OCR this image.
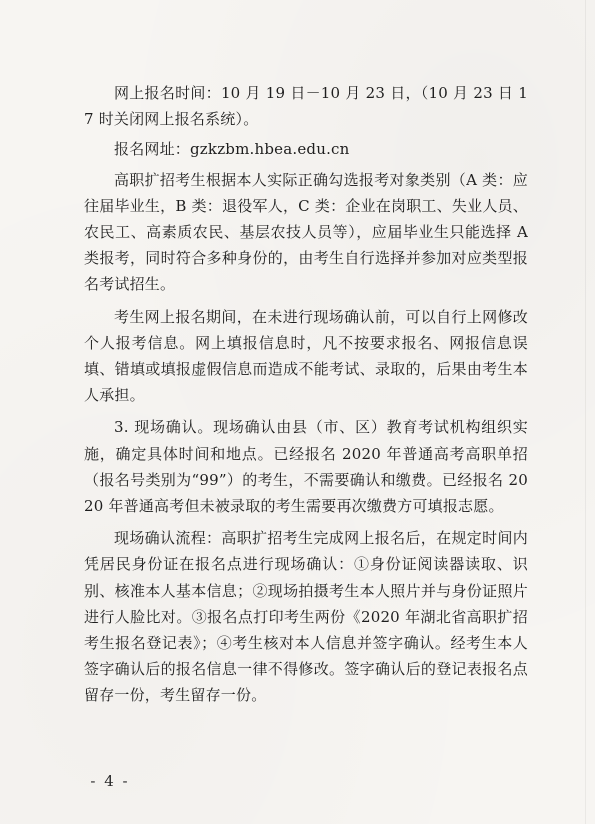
网上报名时间：10 月 19 日－10 月 23 日，（10 月 23 日 17 时关闭网上报名系统）。

报名网址：gzkzbm.hbea.edu.cn

高职扩招考生根据本人实际正确勾选报考对象类别（A 类：应往届毕业生，B 类：退役军人，C 类：企业在岗职工、失业人员、农民工、高素质农民、基层农技人员等），应届毕业生只能选择 A 类报考，同时符合多种身份的，由考生自行选择并参加对应类型报名考试招生。

考生网上报名期间，在未进行现场确认前，可以自行上网修改个人报考信息。网上填报信息时，凡不按要求报名、网报信息误填、错填或填报虚假信息而造成不能考试、录取的，后果由考生本人承担。

3. 现场确认。现场确认由县（市、区）教育考试机构组织实施，确定具体时间和地点。已经报名 2020 年普通高考高职单招（报名号类别为“99”）的考生，不需要确认和缴费。已经报名 2020 年普通高考但未被录取的考生需要再次缴费方可填报志愿。

现场确认流程：高职扩招考生完成网上报名后，在规定时间内凭居民身份证在报名点进行现场确认：①身份证阅读器读取、识别、核准本人基本信息；②现场拍摄考生本人照片并与身份证照片进行人脸比对。③报名点打印考生两份《2020 年湖北省高职扩招考生报名登记表》；④考生核对本人信息并签字确认。经考生本人签字确认后的报名信息一律不得修改。签字确认后的登记表报名点留存一份，考生留存一份。

- 4 -
